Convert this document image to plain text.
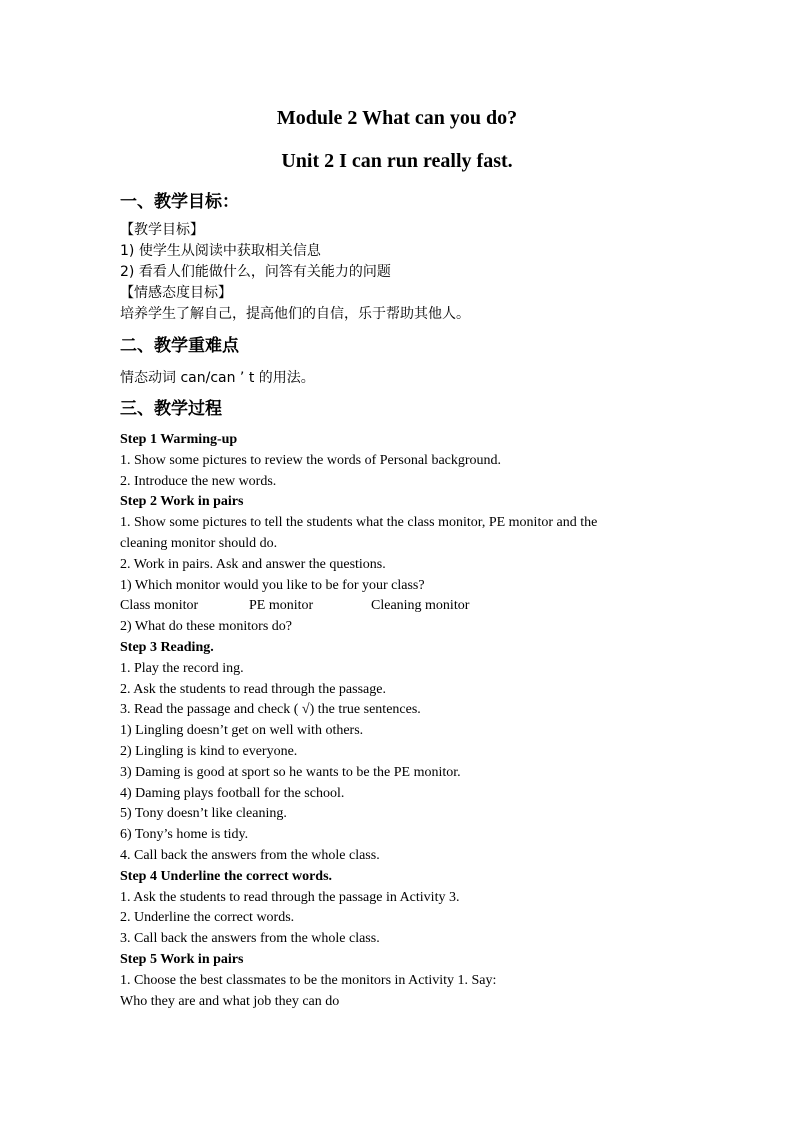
Module 2 What can you do?
Unit 2 I can run really fast.
一、教学目标：
【教学目标】
1) 使学生从阅读中获取相关信息
2) 看看人们能做什么，问答有关能力的问题
【情感态度目标】
培养学生了解自己，提高他们的自信，乐于帮助其他人。
二、教学重难点
情态动词 can/can ’ t 的用法。
三、教学过程
Step 1 Warming-up
1. Show some pictures to review the words of Personal background.
2. Introduce the new words.
Step 2 Work in pairs
1. Show some pictures to tell the students what the class monitor, PE monitor and the
cleaning monitor should do.
2. Work in pairs. Ask and answer the questions.
1) Which monitor would you like to be for your class?
Class monitor	PE monitor	Cleaning monitor
2) What do these monitors do?
Step 3 Reading.
1. Play the record ing.
2. Ask the students to read through the passage.
3. Read the passage and check ( √) the true sentences.
1) Lingling doesn’t get on well with others.
2) Lingling is kind to everyone.
3) Daming is good at sport so he wants to be the PE monitor.
4) Daming plays football for the school.
5) Tony doesn’t like cleaning.
6) Tony’s home is tidy.
4. Call back the answers from the whole class.
Step 4 Underline the correct words.
1. Ask the students to read through the passage in Activity 3.
2. Underline the correct words.
3. Call back the answers from the whole class.
Step 5 Work in pairs
1. Choose the best classmates to be the monitors in Activity 1. Say:
Who they are and what job they can do
